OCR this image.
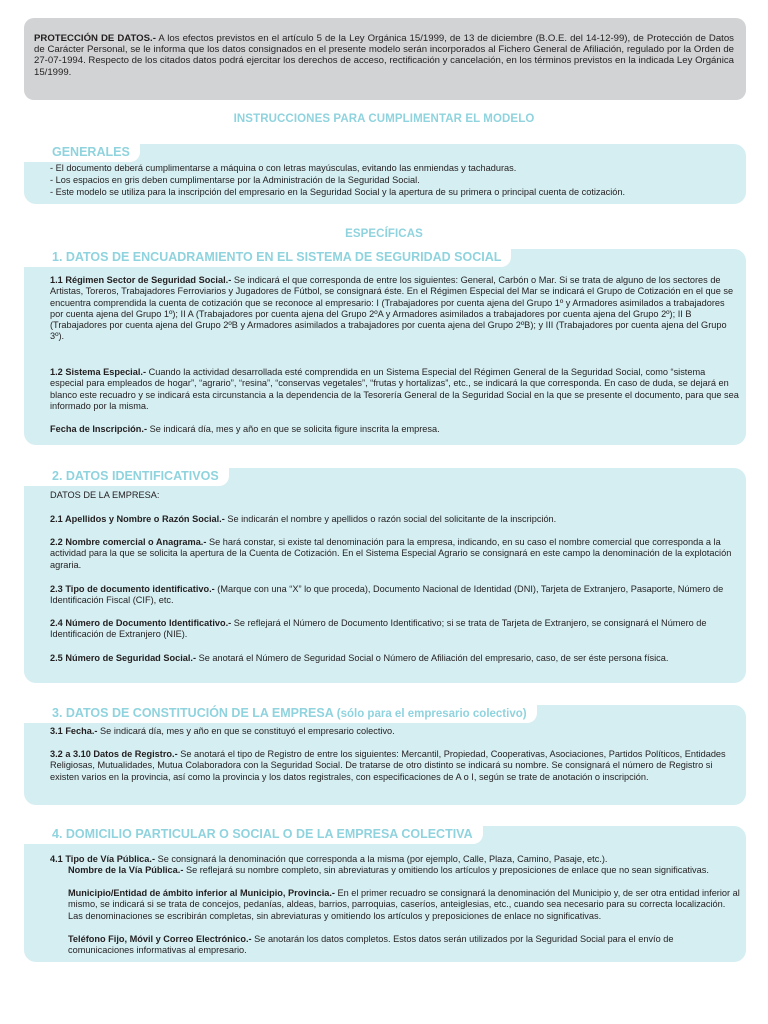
PROTECCIÓN DE DATOS.- A los efectos previstos en el artículo 5 de la Ley Orgánica 15/1999, de 13 de diciembre (B.O.E. del 14-12-99), de Protección de Datos de Carácter Personal, se le informa que los datos consignados en el presente modelo serán incorporados al Fichero General de Afiliación, regulado por la Orden de 27-07-1994. Respecto de los citados datos podrá ejercitar los derechos de acceso, rectificación y cancelación, en los términos previstos en la indicada Ley Orgánica 15/1999.
INSTRUCCIONES PARA CUMPLIMENTAR EL MODELO
GENERALES
- El documento deberá cumplimentarse a máquina o con letras mayúsculas, evitando las enmiendas y tachaduras.
- Los espacios en gris deben cumplimentarse por la Administración de la Seguridad Social.
- Este modelo se utiliza para la inscripción del empresario en la Seguridad Social y la apertura de su primera o principal cuenta de cotización.
ESPECÍFICAS
1. DATOS DE ENCUADRAMIENTO EN EL SISTEMA DE SEGURIDAD SOCIAL
1.1 Régimen Sector de Seguridad Social.- Se indicará el que corresponda de entre los siguientes: General, Carbón o Mar. Si se trata de alguno de los sectores de Artistas, Toreros, Trabajadores Ferroviarios y Jugadores de Fútbol, se consignará éste. En el Régimen Especial del Mar se indicará el Grupo de Cotización en el que se encuentra comprendida la cuenta de cotización que se reconoce al empresario: I (Trabajadores por cuenta ajena del Grupo 1º y Armadores asimilados a trabajadores por cuenta ajena del Grupo 1º); II A (Trabajadores por cuenta ajena del Grupo 2ºA y Armadores asimilados a trabajadores por cuenta ajena del Grupo 2º); II B (Trabajadores por cuenta ajena del Grupo 2ºB y Armadores asimilados a trabajadores por cuenta ajena del Grupo 2ºB); y III (Trabajadores por cuenta ajena del Grupo 3º).
1.2 Sistema Especial.- Cuando la actividad desarrollada esté comprendida en un Sistema Especial del Régimen General de la Seguridad Social, como “sistema especial para empleados de hogar”, “agrario”, “resina”, “conservas vegetales”, “frutas y hortalizas”, etc., se indicará la que corresponda. En caso de duda, se dejará en blanco este recuadro y se indicará esta circunstancia a la dependencia de la Tesorería General de la Seguridad Social en la que se presente el documento, para que sea informado por la misma.
Fecha de Inscripción.- Se indicará día, mes y año en que se solicita figure inscrita la empresa.
2. DATOS IDENTIFICATIVOS
DATOS DE LA EMPRESA:
2.1 Apellidos y Nombre o Razón Social.- Se indicarán el nombre y apellidos o razón social del solicitante de la inscripción.
2.2 Nombre comercial o Anagrama.- Se hará constar, si existe tal denominación para la empresa, indicando, en su caso el nombre comercial que corresponda a la actividad para la que se solicita la apertura de la Cuenta de Cotización. En el Sistema Especial Agrario se consignará en este campo la denominación de la explotación agraria.
2.3 Tipo de documento identificativo.- (Marque con una “X” lo que proceda), Documento Nacional de Identidad (DNI), Tarjeta de Extranjero, Pasaporte, Número de Identificación Fiscal (CIF), etc.
2.4 Número de Documento Identificativo.- Se reflejará el Número de Documento Identificativo; si se trata de Tarjeta de Extranjero, se consignará el Número de Identificación de Extranjero (NIE).
2.5 Número de Seguridad Social.- Se anotará el Número de Seguridad Social o Número de Afiliación del empresario, caso, de ser éste persona física.
3. DATOS DE CONSTITUCIÓN DE LA EMPRESA (sólo para el empresario colectivo)
3.1 Fecha.- Se indicará día, mes y año en que se constituyó el empresario colectivo.
3.2 a 3.10 Datos de Registro.- Se anotará el tipo de Registro de entre los siguientes: Mercantil, Propiedad, Cooperativas, Asociaciones, Partidos Políticos, Entidades Religiosas, Mutualidades, Mutua Colaboradora con la Seguridad Social. De tratarse de otro distinto se indicará su nombre. Se consignará el número de Registro si existen varios en la provincia, así como la provincia y los datos registrales, con especificaciones de A o I, según se trate de anotación o inscripción.
4. DOMICILIO PARTICULAR O SOCIAL O DE LA EMPRESA COLECTIVA
4.1 Tipo de Vía Pública.- Se consignará la denominación que corresponda a la misma (por ejemplo, Calle, Plaza, Camino, Pasaje, etc.).
Nombre de la Vía Pública.- Se reflejará su nombre completo, sin abreviaturas y omitiendo los artículos y preposiciones de enlace que no sean significativas.
Municipio/Entidad de ámbito inferior al Municipio, Provincia.- En el primer recuadro se consignará la denominación del Municipio y, de ser otra entidad inferior al mismo, se indicará si se trata de concejos, pedanías, aldeas, barrios, parroquias, caseríos, anteiglesias, etc., cuando sea necesario para su correcta localización. Las denominaciones se escribirán completas, sin abreviaturas y omitiendo los artículos y preposiciones de enlace no significativas.
Teléfono Fijo, Móvil y Correo Electrónico.- Se anotarán los datos completos. Estos datos serán utilizados por la Seguridad Social para el envío de comunicaciones informativas al empresario.
